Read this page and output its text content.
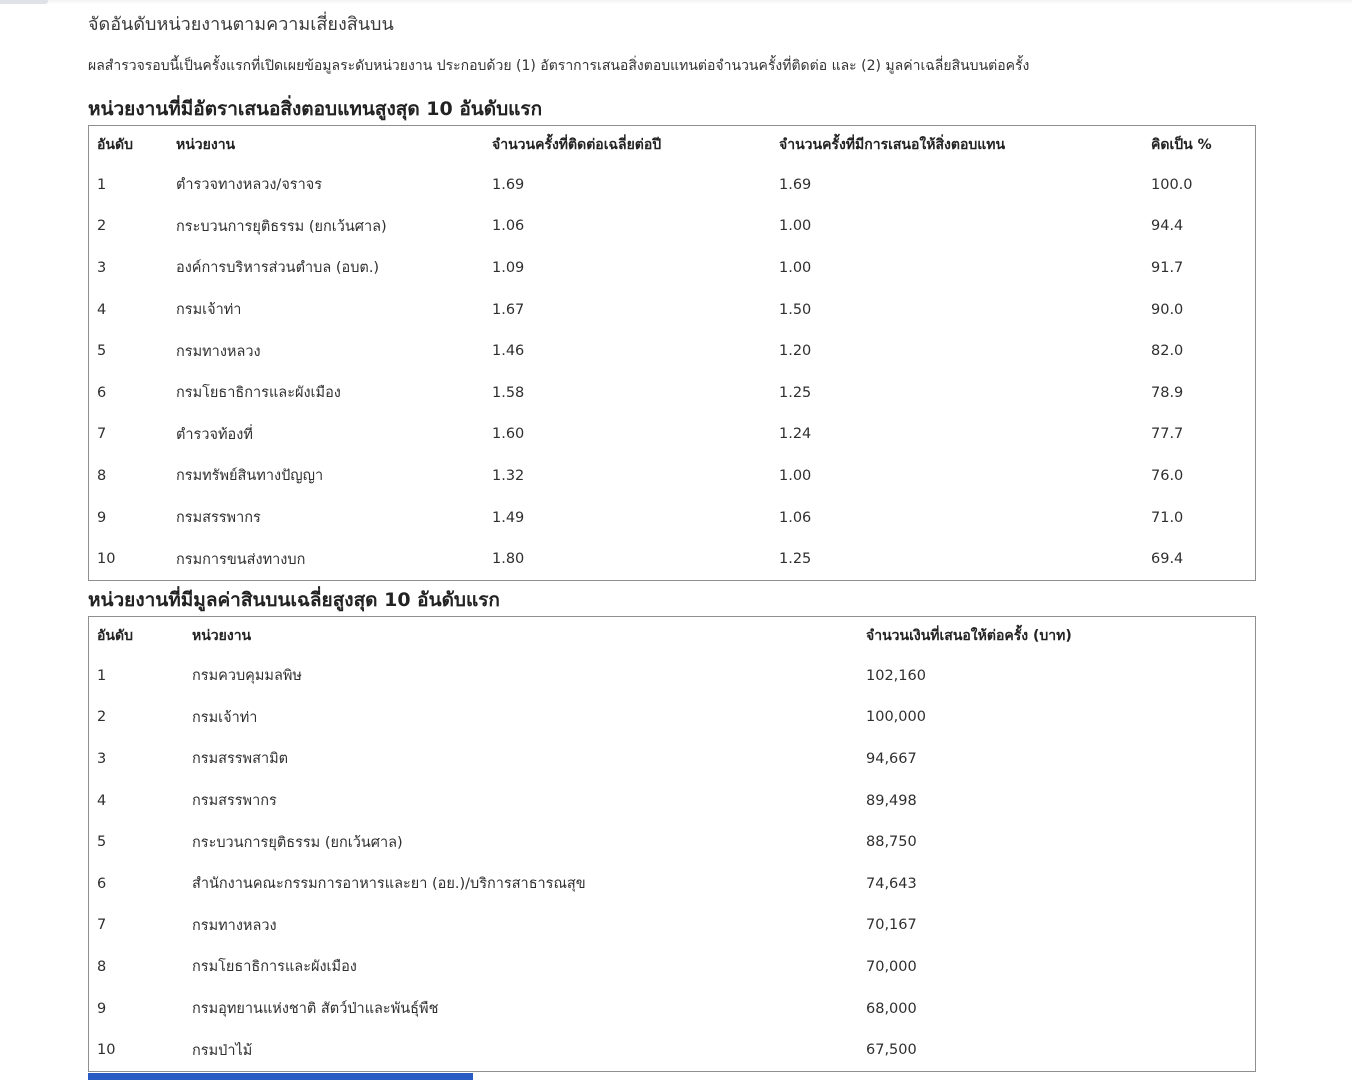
จัดอันดับหน่วยงานตามความเสี่ยงสินบน
ผลสำรวจรอบนี้เป็นครั้งแรกที่เปิดเผยข้อมูลระดับหน่วยงาน ประกอบด้วย (1) อัตราการเสนอสิ่งตอบแทนต่อจำนวนครั้งที่ติดต่อ และ (2) มูลค่าเฉลี่ยสินบนต่อครั้ง
หน่วยงานที่มีอัตราเสนอสิ่งตอบแทนสูงสุด 10 อันดับแรก
อันดับ	หน่วยงาน	จำนวนครั้งที่ติดต่อเฉลี่ยต่อปี	จำนวนครั้งที่มีการเสนอให้สิ่งตอบแทน	คิดเป็น %
1	ตำรวจทางหลวง/จราจร	1.69	1.69	100.0
2	กระบวนการยุติธรรม (ยกเว้นศาล)	1.06	1.00	94.4
3	องค์การบริหารส่วนตำบล (อบต.)	1.09	1.00	91.7
4	กรมเจ้าท่า	1.67	1.50	90.0
5	กรมทางหลวง	1.46	1.20	82.0
6	กรมโยธาธิการและผังเมือง	1.58	1.25	78.9
7	ตำรวจท้องที่	1.60	1.24	77.7
8	กรมทรัพย์สินทางปัญญา	1.32	1.00	76.0
9	กรมสรรพากร	1.49	1.06	71.0
10	กรมการขนส่งทางบก	1.80	1.25	69.4
หน่วยงานที่มีมูลค่าสินบนเฉลี่ยสูงสุด 10 อันดับแรก
อันดับ	หน่วยงาน	จำนวนเงินที่เสนอให้ต่อครั้ง (บาท)
1	กรมควบคุมมลพิษ	102,160
2	กรมเจ้าท่า	100,000
3	กรมสรรพสามิต	94,667
4	กรมสรรพากร	89,498
5	กระบวนการยุติธรรม (ยกเว้นศาล)	88,750
6	สำนักงานคณะกรรมการอาหารและยา (อย.)/บริการสาธารณสุข	74,643
7	กรมทางหลวง	70,167
8	กรมโยธาธิการและผังเมือง	70,000
9	กรมอุทยานแห่งชาติ สัตว์ป่าและพันธุ์พืช	68,000
10	กรมป่าไม้	67,500
